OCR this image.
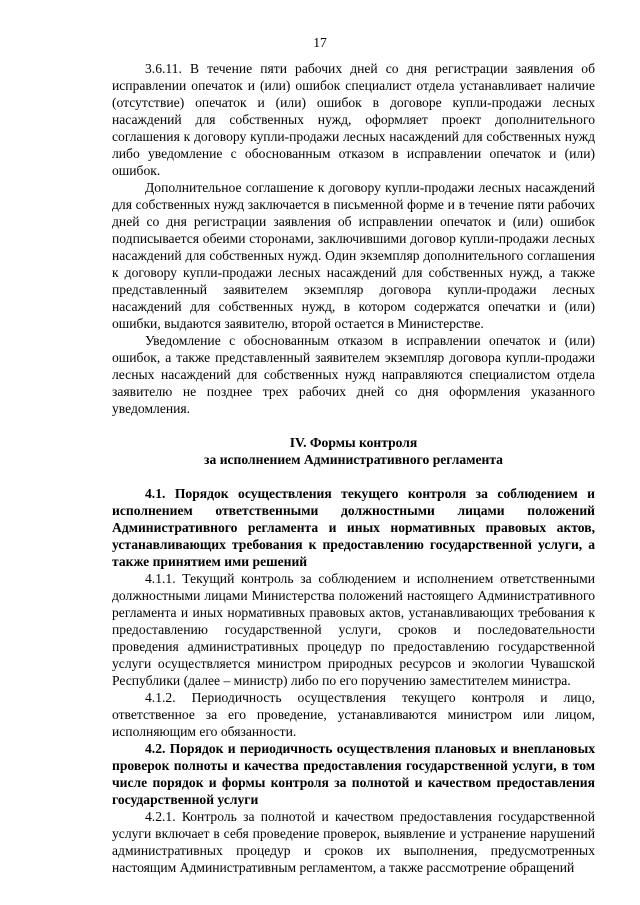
17

3.6.11. В течение пяти рабочих дней со дня регистрации заявления об исправлении опечаток и (или) ошибок специалист отдела устанавливает наличие (отсутствие) опечаток и (или) ошибок в договоре купли-продажи лесных насаждений для собственных нужд, оформляет проект дополнительного соглашения к договору купли-продажи лесных насаждений для собственных нужд либо уведомление с обоснованным отказом в исправлении опечаток и (или) ошибок.

Дополнительное соглашение к договору купли-продажи лесных насаждений для собственных нужд заключается в письменной форме и в течение пяти рабочих дней со дня регистрации заявления об исправлении опечаток и (или) ошибок подписывается обеими сторонами, заключившими договор купли-продажи лесных насаждений для собственных нужд. Один экземпляр дополнительного соглашения к договору купли-продажи лесных насаждений для собственных нужд, а также представленный заявителем экземпляр договора купли-продажи лесных насаждений для собственных нужд, в котором содержатся опечатки и (или) ошибки, выдаются заявителю, второй остается в Министерстве.

Уведомление с обоснованным отказом в исправлении опечаток и (или) ошибок, а также представленный заявителем экземпляр договора купли-продажи лесных насаждений для собственных нужд направляются специалистом отдела заявителю не позднее трех рабочих дней со дня оформления указанного уведомления.

IV. Формы контроля

за исполнением Административного регламента

4.1. Порядок осуществления текущего контроля за соблюдением и исполнением ответственными должностными лицами положений Административного регламента и иных нормативных правовых актов, устанавливающих требования к предоставлению государственной услуги, а также принятием ими решений

4.1.1. Текущий контроль за соблюдением и исполнением ответственными должностными лицами Министерства положений настоящего Административного регламента и иных нормативных правовых актов, устанавливающих требования к предоставлению государственной услуги, сроков и последовательности проведения административных процедур по предоставлению государственной услуги осуществляется министром природных ресурсов и экологии Чувашской Республики (далее – министр) либо по его поручению заместителем министра.

4.1.2. Периодичность осуществления текущего контроля и лицо, ответственное за его проведение, устанавливаются министром или лицом, исполняющим его обязанности.

4.2. Порядок и периодичность осуществления плановых и внеплановых проверок полноты и качества предоставления государственной услуги, в том числе порядок и формы контроля за полнотой и качеством предоставления государственной услуги

4.2.1. Контроль за полнотой и качеством предоставления государственной услуги включает в себя проведение проверок, выявление и устранение нарушений административных процедур и сроков их выполнения, предусмотренных настоящим Административным регламентом, а также рассмотрение обращений
